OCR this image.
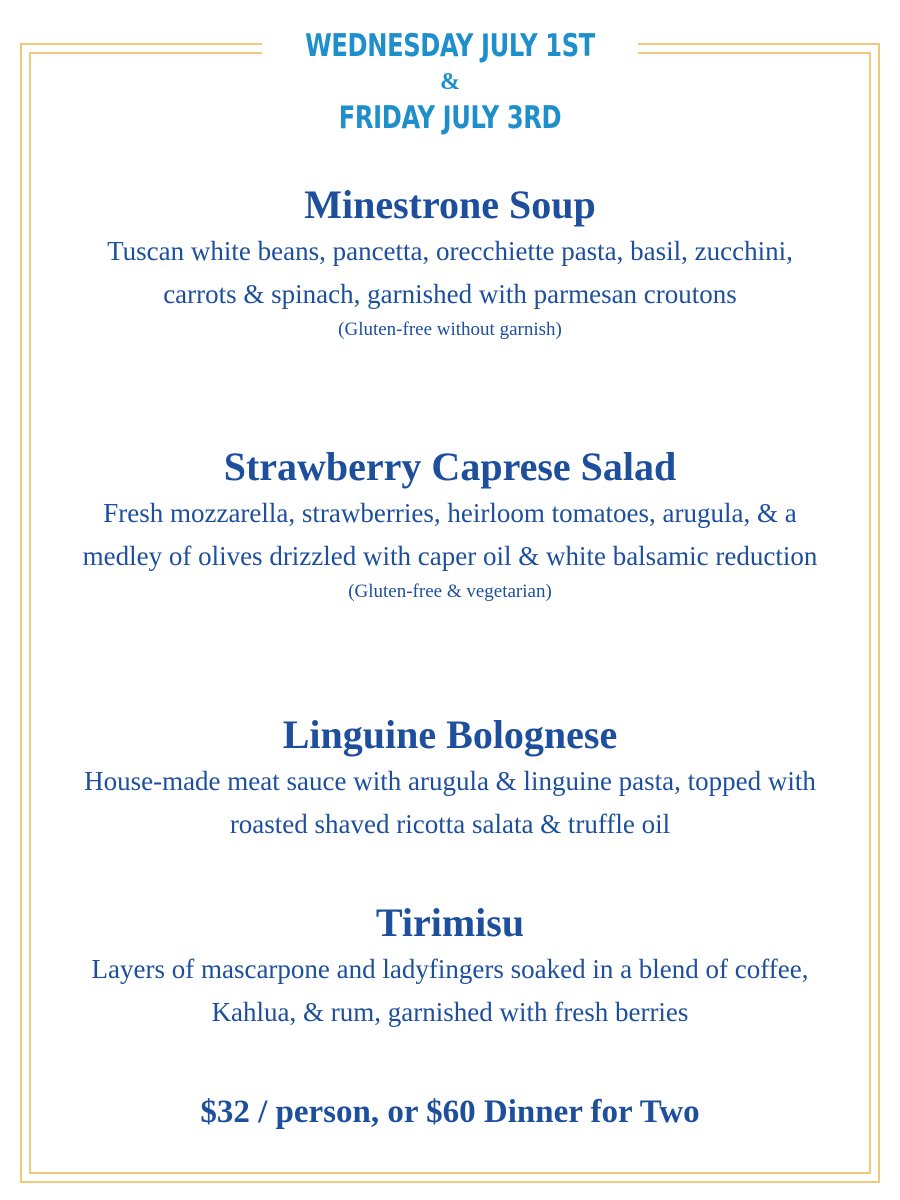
WEDNESDAY JULY 1ST
&
FRIDAY JULY 3RD
Minestrone Soup

Tuscan white beans, pancetta, orecchiette pasta, basil, zucchini, carrots & spinach, garnished with parmesan croutons

(Gluten-free without garnish)

Strawberry Caprese Salad

Fresh mozzarella, strawberries, heirloom tomatoes, arugula, & a medley of olives drizzled with caper oil & white balsamic reduction

(Gluten-free & vegetarian)

Linguine Bolognese

House-made meat sauce with arugula & linguine pasta, topped with roasted shaved ricotta salata & truffle oil

Tirimisu

Layers of mascarpone and ladyfingers soaked in a blend of coffee, Kahlua, & rum, garnished with fresh berries

$32 / person, or $60 Dinner for Two
